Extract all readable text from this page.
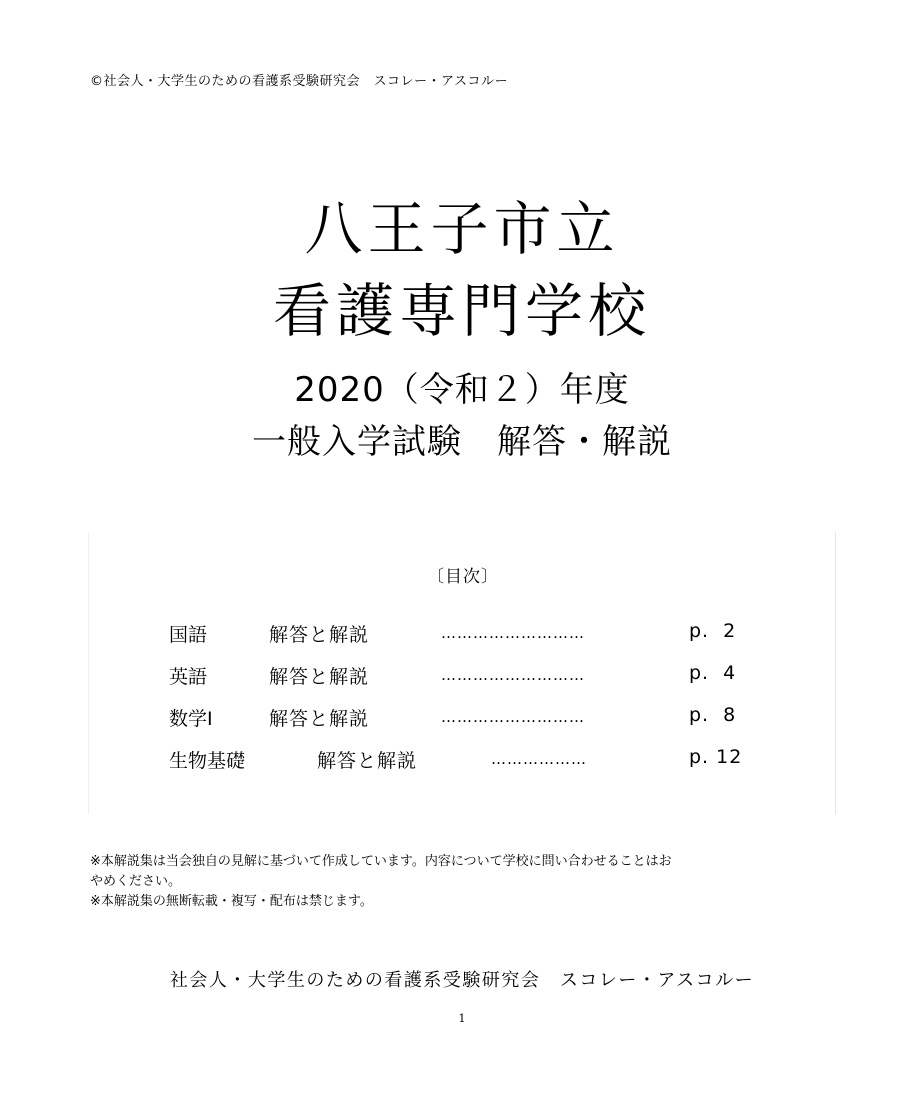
©社会人・大学生のための看護系受験研究会　スコレー・アスコルー
八王子市立
看護専門学校
2020（令和２）年度
一般入学試験　解答・解説
〔目次〕
国語	解答と解説	………………………	p.  2
英語	解答と解説	………………………	p.  4
数学Ⅰ	解答と解説	………………………	p.  8
生物基礎	解答と解説	………………	p. 12
※本解説集は当会独自の見解に基づいて作成しています。内容について学校に問い合わせることはお
やめください。
※本解説集の無断転載・複写・配布は禁じます。
社会人・大学生のための看護系受験研究会　スコレー・アスコルー
1
